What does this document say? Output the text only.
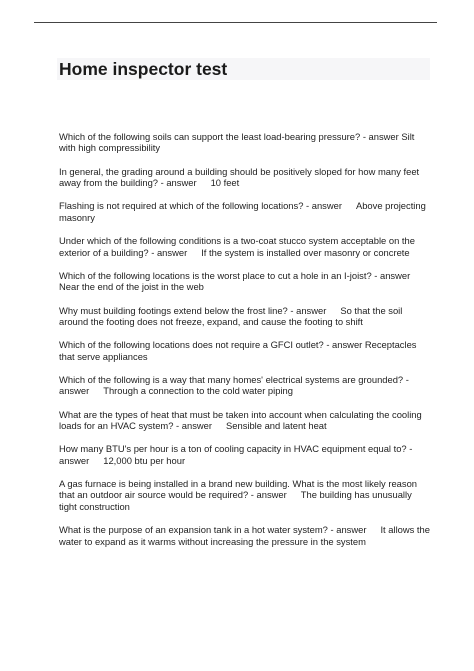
Home inspector test

Which of the following soils can support the least load-bearing pressure? - answer Silt with high compressibility

In general, the grading around a building should be positively sloped for how many feet away from the building? - answer 10 feet

Flashing is not required at which of the following locations? - answer Above projecting masonry

Under which of the following conditions is a two-coat stucco system acceptable on the exterior of a building? - answer If the system is installed over masonry or concrete

Which of the following locations is the worst place to cut a hole in an I-joist? - answer Near the end of the joist in the web

Why must building footings extend below the frost line? - answer So that the soil around the footing does not freeze, expand, and cause the footing to shift

Which of the following locations does not require a GFCI outlet? - answer Receptacles that serve appliances

Which of the following is a way that many homes' electrical systems are grounded? - answer Through a connection to the cold water piping

What are the types of heat that must be taken into account when calculating the cooling loads for an HVAC system? - answer Sensible and latent heat

How many BTU's per hour is a ton of cooling capacity in HVAC equipment equal to? - answer 12,000 btu per hour

A gas furnace is being installed in a brand new building. What is the most likely reason that an outdoor air source would be required? - answer The building has unusually tight construction

What is the purpose of an expansion tank in a hot water system? - answer It allows the water to expand as it warms without increasing the pressure in the system
